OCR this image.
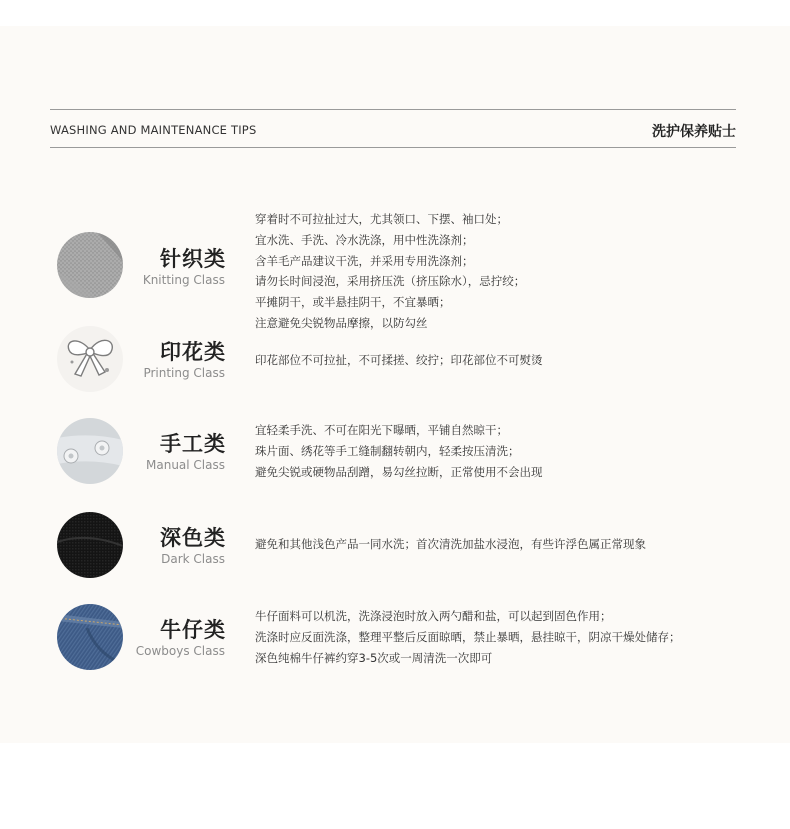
WASHING AND MAINTENANCE TIPS	洗护保养贴士
针织类
Knitting Class
穿着时不可拉扯过大，尤其领口、下摆、袖口处；
宜水洗、手洗、冷水洗涤，用中性洗涤剂；
含羊毛产品建议干洗，并采用专用洗涤剂；
请勿长时间浸泡，采用挤压洗（挤压除水），忌拧绞；
平摊阴干，或半悬挂阴干，不宜暴晒；
注意避免尖锐物品摩擦，以防勾丝
印花类
Printing Class
印花部位不可拉扯，不可揉搓、绞拧；印花部位不可熨烫
手工类
Manual Class
宜轻柔手洗、不可在阳光下曝晒，平铺自然晾干；
珠片面、绣花等手工缝制翻转朝内，轻柔按压清洗；
避免尖锐或硬物品刮蹭，易勾丝拉断，正常使用不会出现
深色类
Dark Class
避免和其他浅色产品一同水洗；首次清洗加盐水浸泡，有些许浮色属正常现象
牛仔类
Cowboys Class
牛仔面料可以机洗，洗涤浸泡时放入两勺醋和盐，可以起到固色作用；
洗涤时应反面洗涤，整理平整后反面晾晒，禁止暴晒，悬挂晾干，阴凉干燥处储存；
深色纯棉牛仔裤约穿3-5次或一周清洗一次即可
